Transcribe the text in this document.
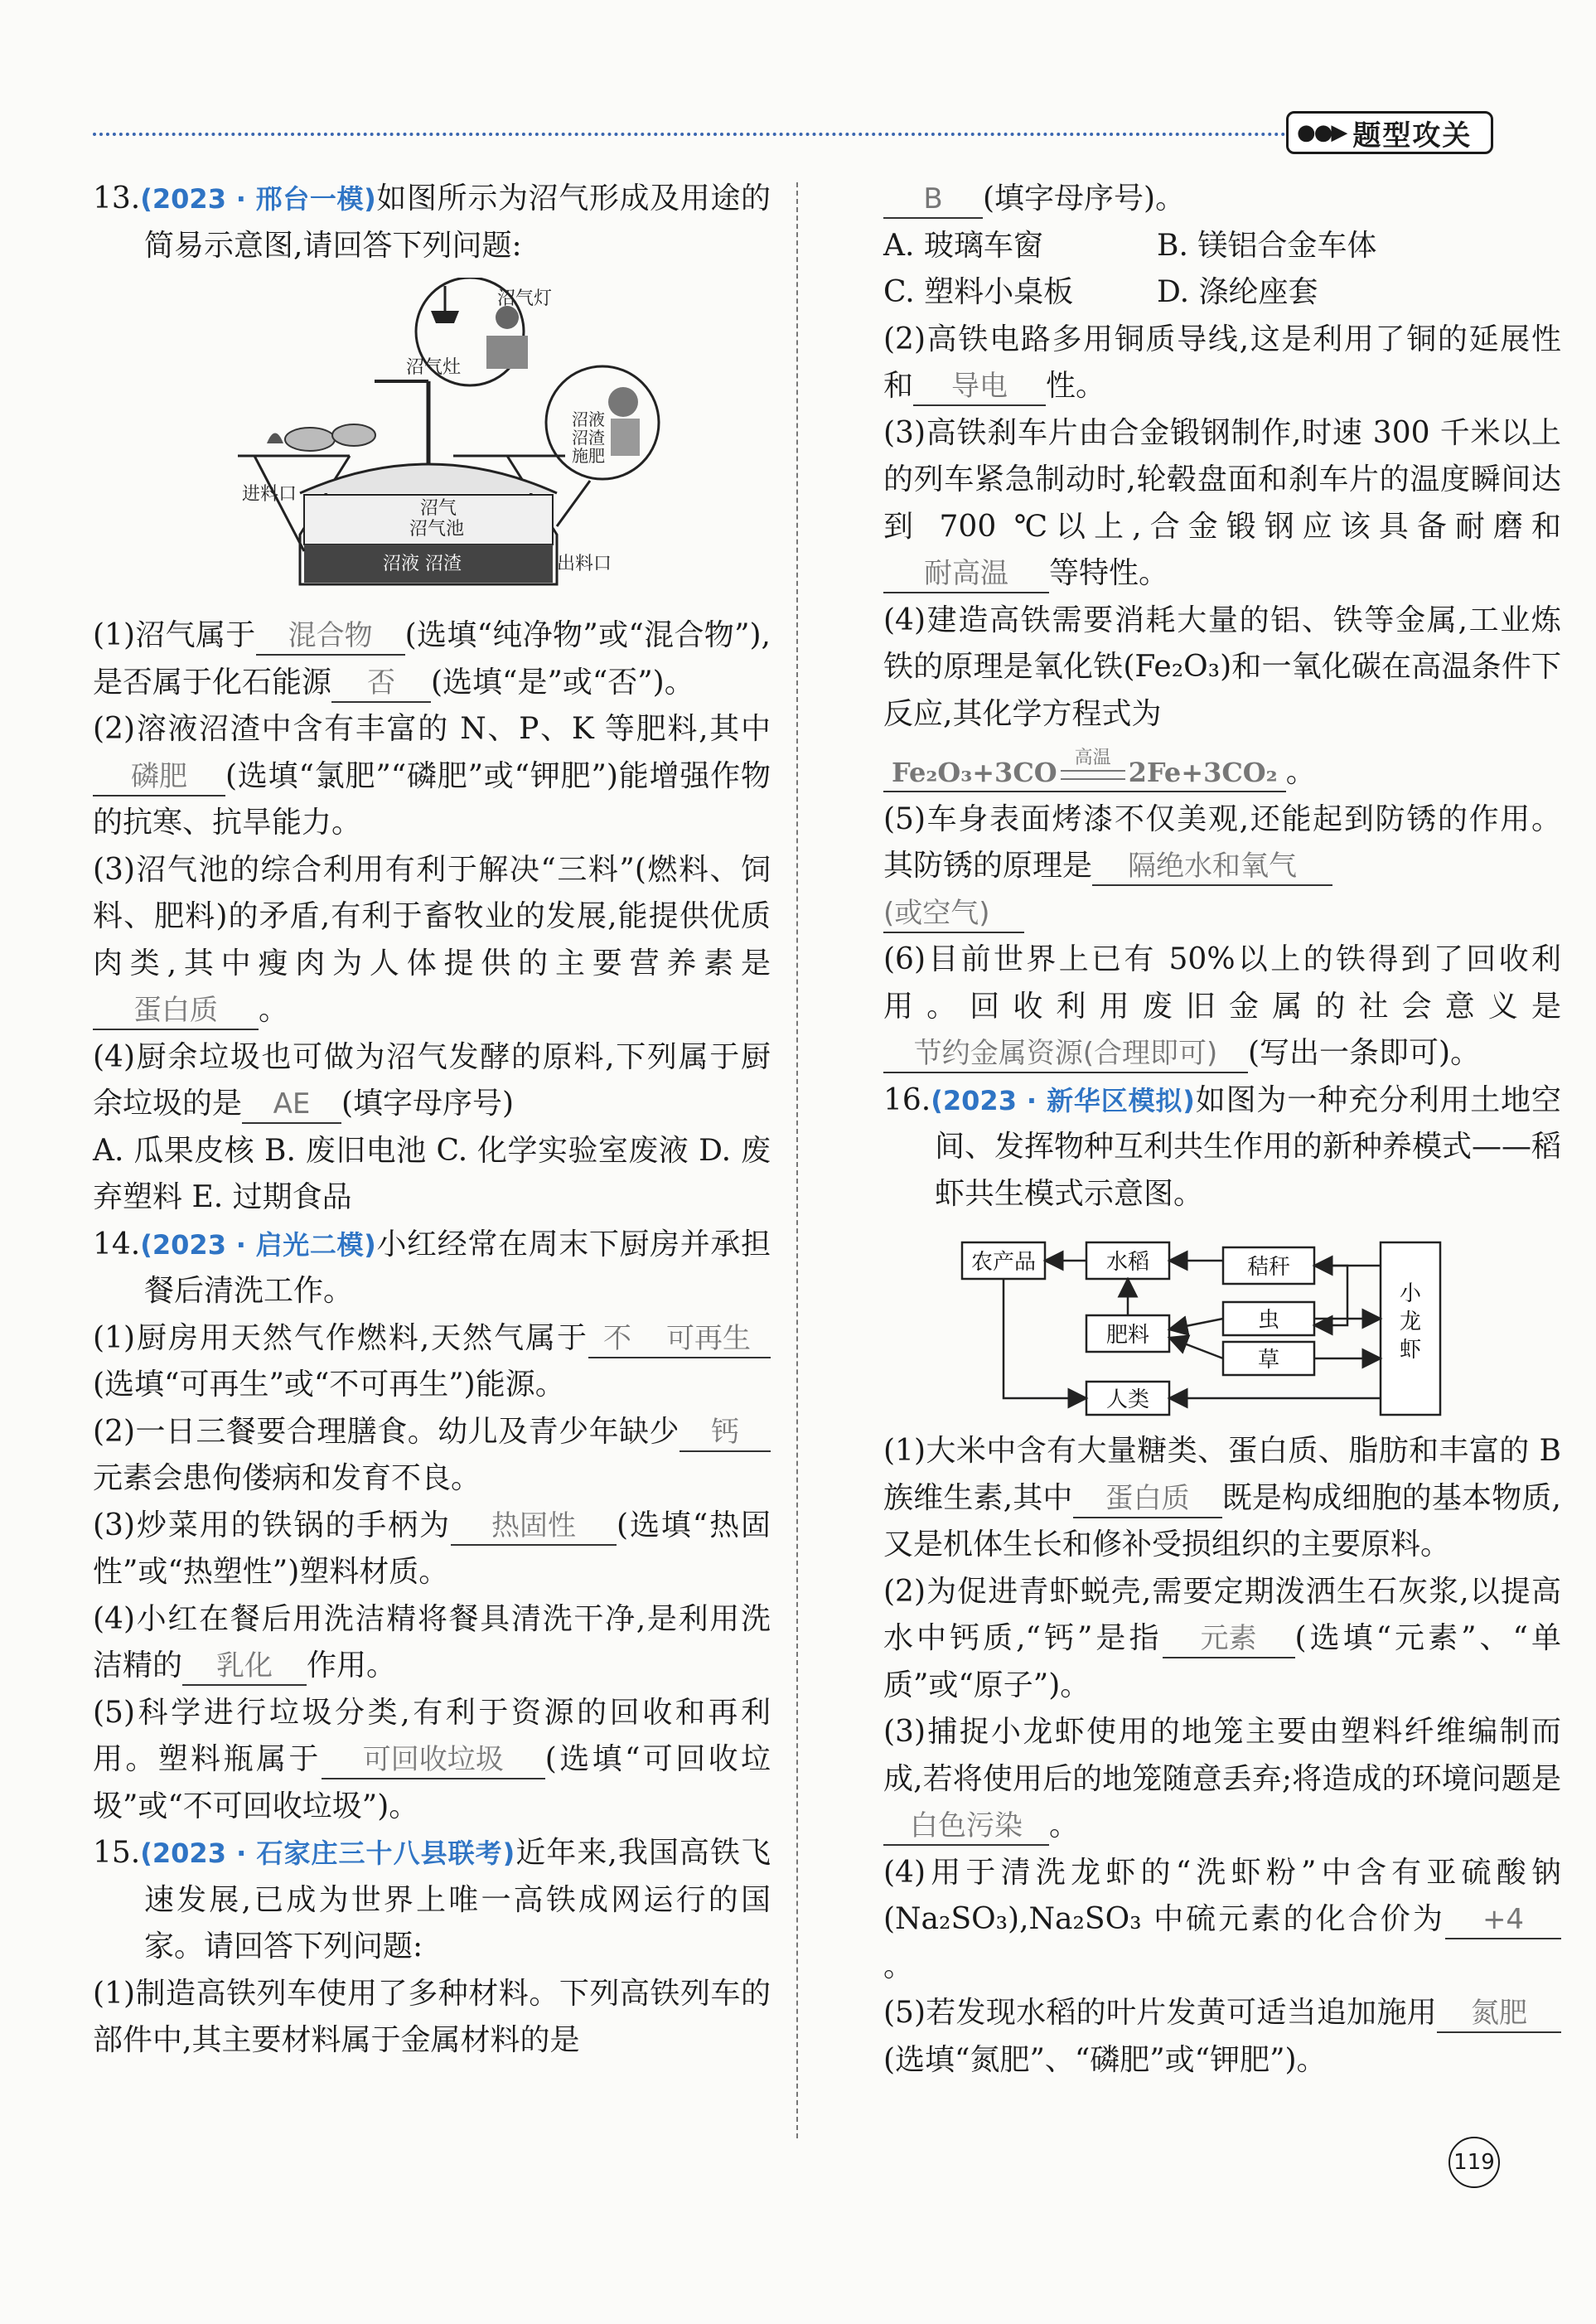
●●▶ 题型攻关

13.(2023 · 邢台一模)如图所示为沼气形成及用途的简易示意图,请回答下列问题:

沼气灯
沼气灶
沼液沼渣施肥
进料口
出料口
沼气
沼气池
沼液 沼渣

(1)沼气属于 混合物 (选填“纯净物”或“混合物”),是否属于化石能源 否 (选填“是”或“否”)。

(2)溶液沼渣中含有丰富的 N、P、K 等肥料,其中磷肥 (选填“氯肥”“磷肥”或“钾肥”)能增强作物的抗寒、抗旱能力。

(3)沼气池的综合利用有利于解决“三料”(燃料、饲料、肥料)的矛盾,有利于畜牧业的发展,能提供优质肉类,其中瘦肉为人体提供的主要营养素是蛋白质 。

(4)厨余垃圾也可做为沼气发酵的原料,下列属于厨余垃圾的是 AE (填字母序号)

A. 瓜果皮核 B. 废旧电池 C. 化学实验室废液 D. 废弃塑料 E. 过期食品

14.(2023 · 启光二模)小红经常在周末下厨房并承担餐后清洗工作。

(1)厨房用天然气作燃料,天然气属于 不 可再生(选填“可再生”或“不可再生”)能源。

(2)一日三餐要合理膳食。幼儿及青少年缺少 钙元素会患佝偻病和发育不良。

(3)炒菜用的铁锅的手柄为 热固性 (选填“热固性”或“热塑性”)塑料材质。

(4)小红在餐后用洗洁精将餐具清洗干净,是利用洗洁精的 乳化 作用。

(5)科学进行垃圾分类,有利于资源的回收和再利用。塑料瓶属于 可回收垃圾 (选填“可回收垃圾”或“不可回收垃圾”)。

15.(2023 · 石家庄三十八县联考)近年来,我国高铁飞速发展,已成为世界上唯一高铁成网运行的国家。请回答下列问题:

(1)制造高铁列车使用了多种材料。下列高铁列车的部件中,其主要材料属于金属材料的是

B (填字母序号)。

A. 玻璃车窗	B. 镁铝合金车体

C. 塑料小桌板	D. 涤纶座套

(2)高铁电路多用铜质导线,这是利用了铜的延展性和 导电 性。

(3)高铁刹车片由合金锻钢制作,时速 300 千米以上的列车紧急制动时,轮毂盘面和刹车片的温度瞬间达到 700 ℃以上,合金锻钢应该具备耐磨和耐高温 等特性。

(4)建造高铁需要消耗大量的铝、铁等金属,工业炼铁的原理是氧化铁(Fe₂O₃)和一氧化碳在高温条件下反应,其化学方程式为

Fe₂O₃+3CO 高温 2Fe+3CO₂ 。

(5)车身表面烤漆不仅美观,还能起到防锈的作用。其防锈的原理是 隔绝水和氧气
(或空气)

(6)目前世界上已有 50%以上的铁得到了回收利用。回收利用废旧金属的社会意义是节约金属资源(合理即可) (写出一条即可)。

16.(2023 · 新华区模拟)如图为一种充分利用土地空间、发挥物种互利共生作用的新种养模式——稻虾共生模式示意图。

农产品	水稻	秸秆
肥料
虫
草
人类
小龙虾

(1)大米中含有大量糖类、蛋白质、脂肪和丰富的 B 族维生素,其中 蛋白质 既是构成细胞的基本物质,又是机体生长和修补受损组织的主要原料。

(2)为促进青虾蜕壳,需要定期泼洒生石灰浆,以提高水中钙质,“钙”是指 元素 (选填“元素”、“单质”或“原子”)。

(3)捕捉小龙虾使用的地笼主要由塑料纤维编制而成,若将使用后的地笼随意丢弃;将造成的环境问题是白色污染 。

(4)用于清洗龙虾的“洗虾粉”中含有亚硫酸钠(Na₂SO₃),Na₂SO₃ 中硫元素的化合价为 +4。

(5)若发现水稻的叶片发黄可适当追加施用 氮肥(选填“氮肥”、“磷肥”或“钾肥”)。

119
